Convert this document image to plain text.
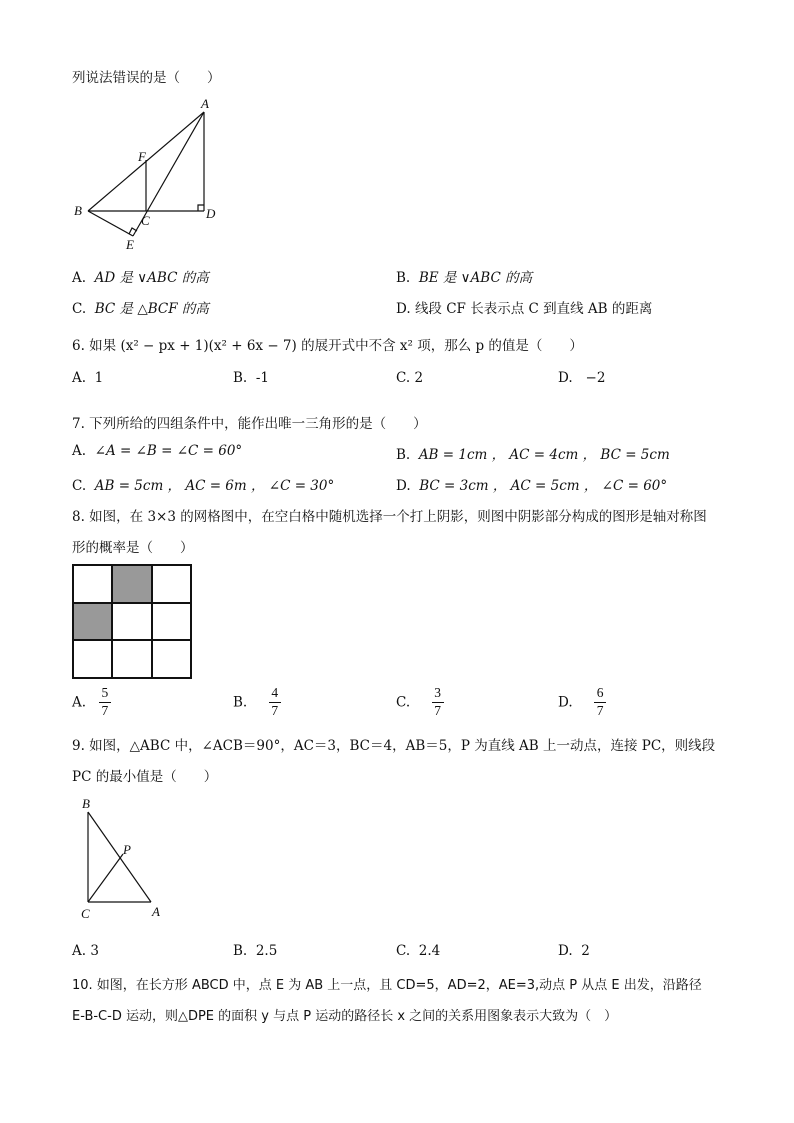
列说法错误的是（　　）
A
B
C	D
E
F
A. AD 是 ∨ABC 的高	B. BE 是 ∨ABC 的高
C. BC 是 △BCF 的高	D. 线段 CF 长表示点 C 到直线 AB 的距离
6. 如果 (x² − px + 1)(x² + 6x − 7) 的展开式中不含 x² 项，那么 p 的值是（　　）
A. 1	B. -1	C. 2	D. −2
7. 下列所给的四组条件中，能作出唯一三角形的是（　　）
A. ∠A = ∠B = ∠C = 60°	B. AB = 1cm ， AC = 4cm ， BC = 5cm
C. AB = 5cm ， AC = 6m ， ∠C = 30°	D. BC = 3cm ， AC = 5cm ， ∠C = 60°
8. 如图，在 3×3 的网格图中，在空白格中随机选择一个打上阴影，则图中阴影部分构成的图形是轴对称图
形的概率是（　　）
A. $\frac{5}{7}$	B. $\frac{4}{7}$	C. $\frac{3}{7}$	D. $\frac{6}{7}$
9. 如图，△ABC 中，∠ACB＝90°，AC＝3，BC＝4，AB＝5，P 为直线 AB 上一动点，连接 PC，则线段
PC 的最小值是（　　）
B
P
C	A
A. 3	B. 2.5	C. 2.4	D. 2
10. 如图，在长方形 ABCD 中，点 E 为 AB 上一点，且 CD=5，AD=2，AE=3,动点 P 从点 E 出发，沿路径
E-B-C-D 运动，则△DPE 的面积 y 与点 P 运动的路径长 x 之间的关系用图象表示大致为（　）
